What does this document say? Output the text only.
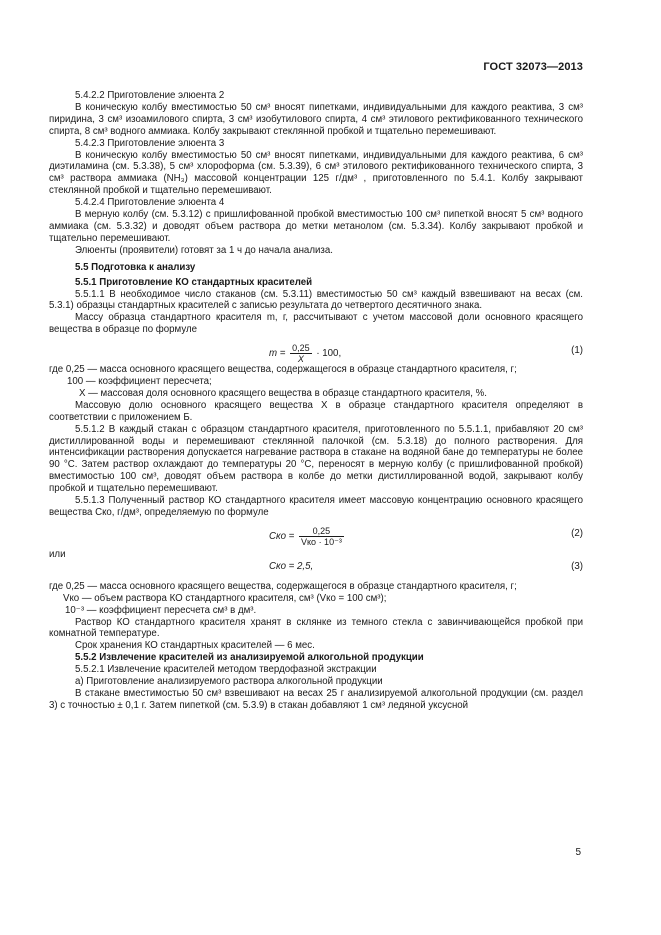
ГОСТ 32073—2013

5.4.2.2 Приготовление элюента 2

В коническую колбу вместимостью 50 см³ вносят пипетками, индивидуальными для каждого реактива, 3 см³ пиридина, 3 см³ изоамилового спирта, 3 см³ изобутилового спирта, 4 см³ этилового ректификованного технического спирта, 8 см³ водного аммиака. Колбу закрывают стеклянной пробкой и тщательно перемешивают.

5.4.2.3 Приготовление элюента 3

В коническую колбу вместимостью 50 см³ вносят пипетками, индивидуальными для каждого реактива, 6 см³ диэтиламина (см. 5.3.38), 5 см³ хлороформа (см. 5.3.39), 6 см³ этилового ректификованного технического спирта, 3 см³ раствора аммиака (NH₃) массовой концентрации 125 г/дм³ , приготовленного по 5.4.1. Колбу закрывают стеклянной пробкой и тщательно перемешивают.

5.4.2.4 Приготовление элюента 4

В мерную колбу (см. 5.3.12) с пришлифованной пробкой вместимостью 100 см³ пипеткой вносят 5 см³ водного аммиака (см. 5.3.32) и доводят объем раствора до метки метанолом (см. 5.3.34). Колбу закрывают пробкой и тщательно перемешивают.

Элюенты (проявители) готовят за 1 ч до начала анализа.

5.5 Подготовка к анализу

5.5.1 Приготовление КО стандартных красителей

5.5.1.1 В необходимое число стаканов (см. 5.3.11) вместимостью 50 см³ каждый взвешивают на весах (см. 5.3.1) образцы стандартных красителей с записью результата до четвертого десятичного знака.

Массу образца стандартного красителя m, г, рассчитывают с учетом массовой доли основного красящего вещества в образце по формуле

$m = \frac{0,25}{X} \cdot 100$,	(1)

где 0,25 — масса основного красящего вещества, содержащегося в образце стандартного красителя, г;

100 — коэффициент пересчета;

X — массовая доля основного красящего вещества в образце стандартного красителя, %.

Массовую долю основного красящего вещества X в образце стандартного красителя определяют в соответствии с приложением Б.

5.5.1.2 В каждый стакан с образцом стандартного красителя, приготовленного по 5.5.1.1, прибавляют 20 см³ дистиллированной воды и перемешивают стеклянной палочкой (см. 5.3.18) до полного растворения. Для интенсификации растворения допускается нагревание раствора в стакане на водяной бане до температуры не более 90 °С. Затем раствор охлаждают до температуры 20 °С, переносят в мерную колбу (с пришлифованной пробкой) вместимостью 100 см³, доводят объем раствора в колбе до метки дистиллированной водой, закрывают колбу пробкой и тщательно перемешивают.

5.5.1.3 Полученный раствор КО стандартного красителя имеет массовую концентрацию основного красящего вещества Cко, г/дм³, определяемую по формуле

Cко = $\frac{0,25}{\text{Vко · 10⁻³}}$	(2)

или

Cко = 2,5,	(3)

где 0,25 — масса основного красящего вещества, содержащегося в образце стандартного красителя, г;

Vко — объем раствора КО стандартного красителя, см³ (Vко = 100 см³);

10⁻³ — коэффициент пересчета см³ в дм³.

Раствор КО стандартного красителя хранят в склянке из темного стекла с завинчивающейся пробкой при комнатной температуре.

Срок хранения КО стандартных красителей — 6 мес.

5.5.2 Извлечение красителей из анализируемой алкогольной продукции

5.5.2.1 Извлечение красителей методом твердофазной экстракции

а) Приготовление анализируемого раствора алкогольной продукции

В стакане вместимостью 50 см³ взвешивают на весах 25 г анализируемой алкогольной продукции (см. раздел 3) с точностью ± 0,1 г. Затем пипеткой (см. 5.3.9) в стакан добавляют 1 см³ ледяной уксусной

5
